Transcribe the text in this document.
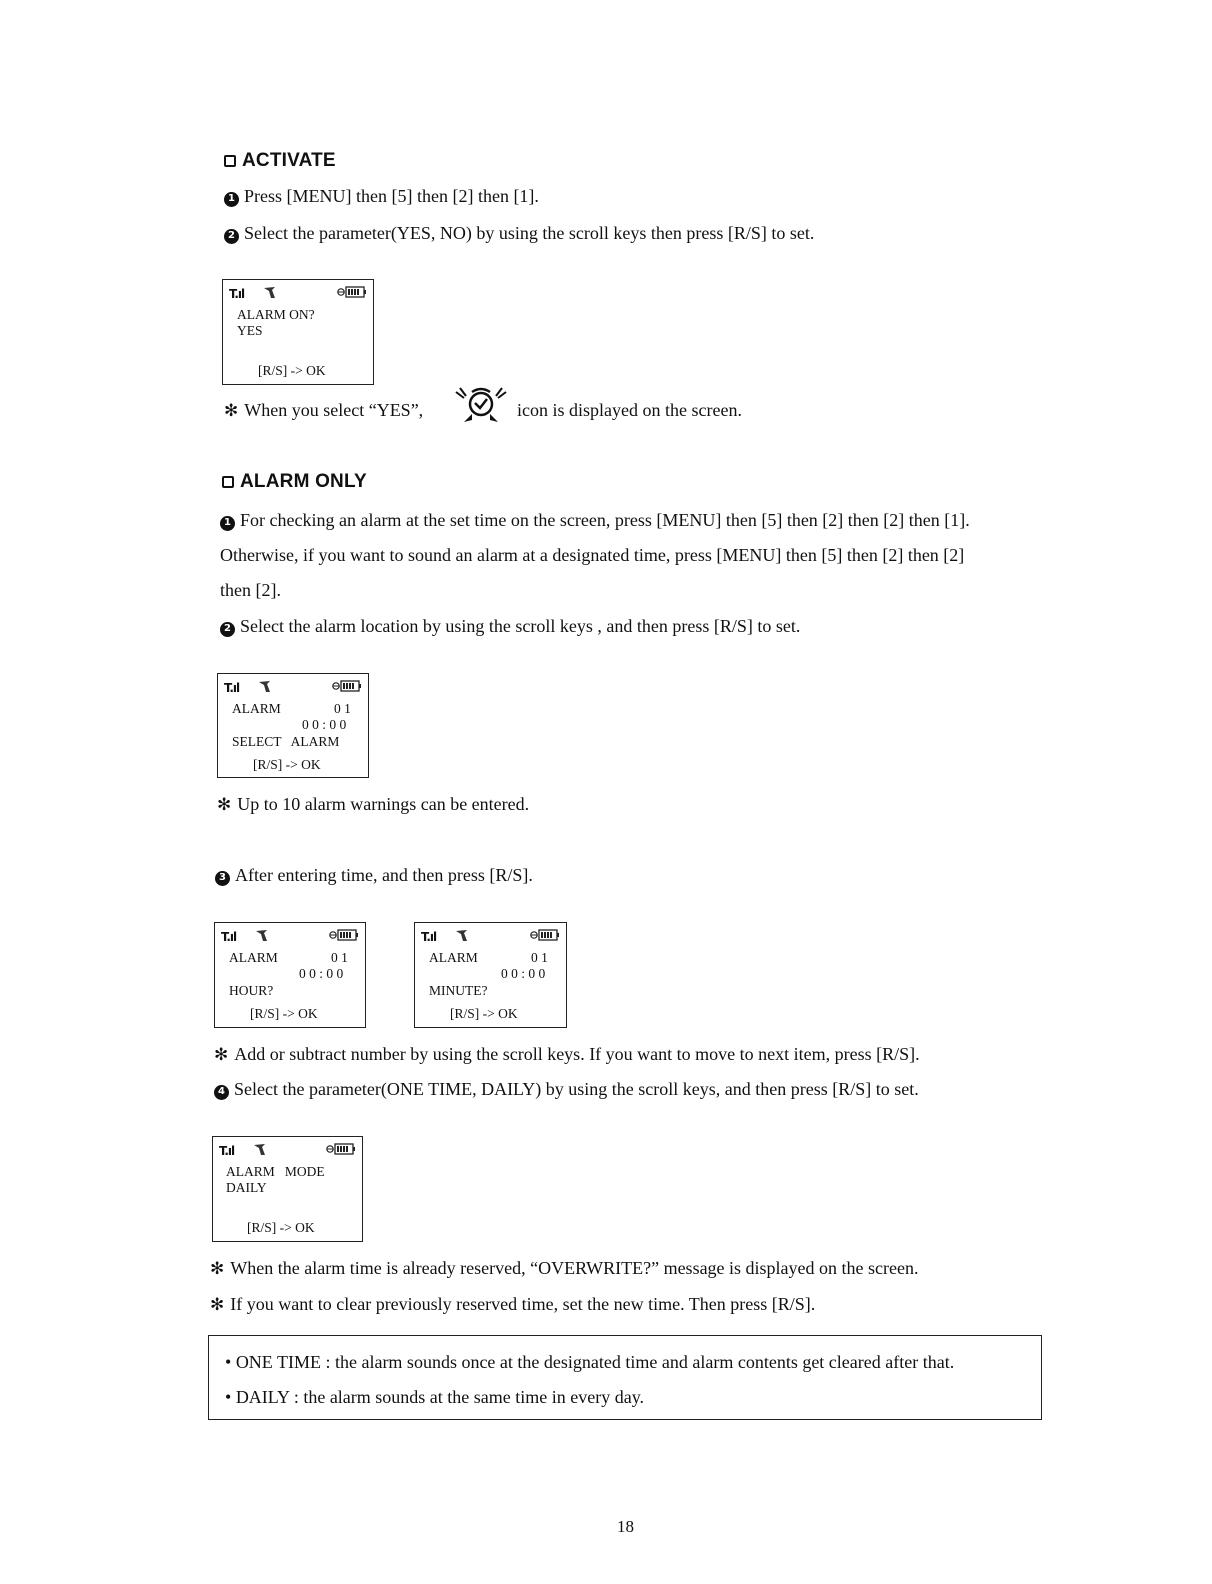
ACTIVATE
1 Press [MENU] then [5] then [2] then [1].
2 Select the parameter(YES, NO) by using the scroll keys then press [R/S] to set.
T.ıl
ALARM ON?
YES
[R/S] -> OK
✻ When you select “YES”,	icon is displayed on the screen.
ALARM ONLY
1 For checking an alarm at the set time on the screen, press [MENU] then [5] then [2] then [2] then [1].
Otherwise, if you want to sound an alarm at a designated time, press [MENU] then [5] then [2] then [2]
then [2].
2 Select the alarm location by using the scroll keys , and then press [R/S] to set.
T.ıl
ALARM	0 1
0 0 : 0 0
SELECT   ALARM
[R/S] -> OK
✻ Up to 10 alarm warnings can be entered.
3 After entering time, and then press [R/S].
T.ıl
ALARM	0 1
0 0 : 0 0
HOUR?
[R/S] -> OK
T.ıl
ALARM	0 1
0 0 : 0 0
MINUTE?
[R/S] -> OK
✻ Add or subtract number by using the scroll keys. If you want to move to next item, press [R/S].
4 Select the parameter(ONE TIME, DAILY) by using the scroll keys, and then press [R/S] to set.
T.ıl
ALARM   MODE
DAILY
[R/S] -> OK
✻ When the alarm time is already reserved, “OVERWRITE?” message is displayed on the screen.
✻ If you want to clear previously reserved time, set the new time. Then press [R/S].
• ONE TIME : the alarm sounds once at the designated time and alarm contents get cleared after that.
• DAILY : the alarm sounds at the same time in every day.
18
